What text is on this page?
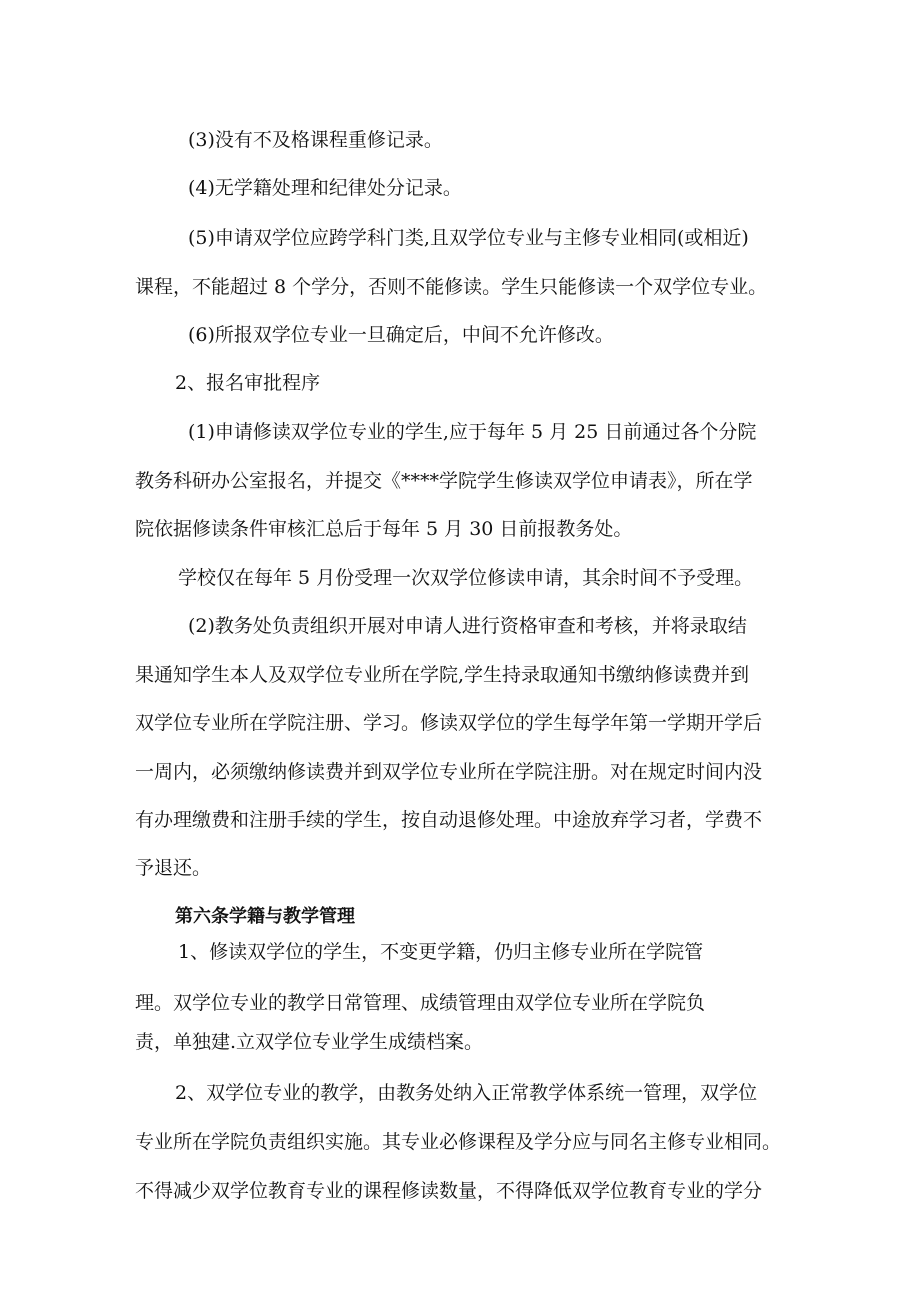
(3)没有不及格课程重修记录。
(4)无学籍处理和纪律处分记录。
(5)申请双学位应跨学科门类,且双学位专业与主修专业相同(或相近)
课程，不能超过 8 个学分，否则不能修读。学生只能修读一个双学位专业。
(6)所报双学位专业一旦确定后，中间不允许修改。
2、报名审批程序
(1)申请修读双学位专业的学生,应于每年 5 月 25 日前通过各个分院
教务科研办公室报名，并提交《****学院学生修读双学位申请表》，所在学
院依据修读条件审核汇总后于每年 5 月 30 日前报教务处。
学校仅在每年 5 月份受理一次双学位修读申请，其余时间不予受理。
(2)教务处负责组织开展对申请人进行资格审查和考核，并将录取结
果通知学生本人及双学位专业所在学院,学生持录取通知书缴纳修读费并到
双学位专业所在学院注册、学习。修读双学位的学生每学年第一学期开学后
一周内，必须缴纳修读费并到双学位专业所在学院注册。对在规定时间内没
有办理缴费和注册手续的学生，按自动退修处理。中途放弃学习者，学费不
予退还。
第六条学籍与教学管理
1、修读双学位的学生，不变更学籍，仍归主修专业所在学院管
理。双学位专业的教学日常管理、成绩管理由双学位专业所在学院负
责，单独建.立双学位专业学生成绩档案。
2、双学位专业的教学，由教务处纳入正常教学体系统一管理，双学位
专业所在学院负责组织实施。其专业必修课程及学分应与同名主修专业相同。
不得减少双学位教育专业的课程修读数量，不得降低双学位教育专业的学分
